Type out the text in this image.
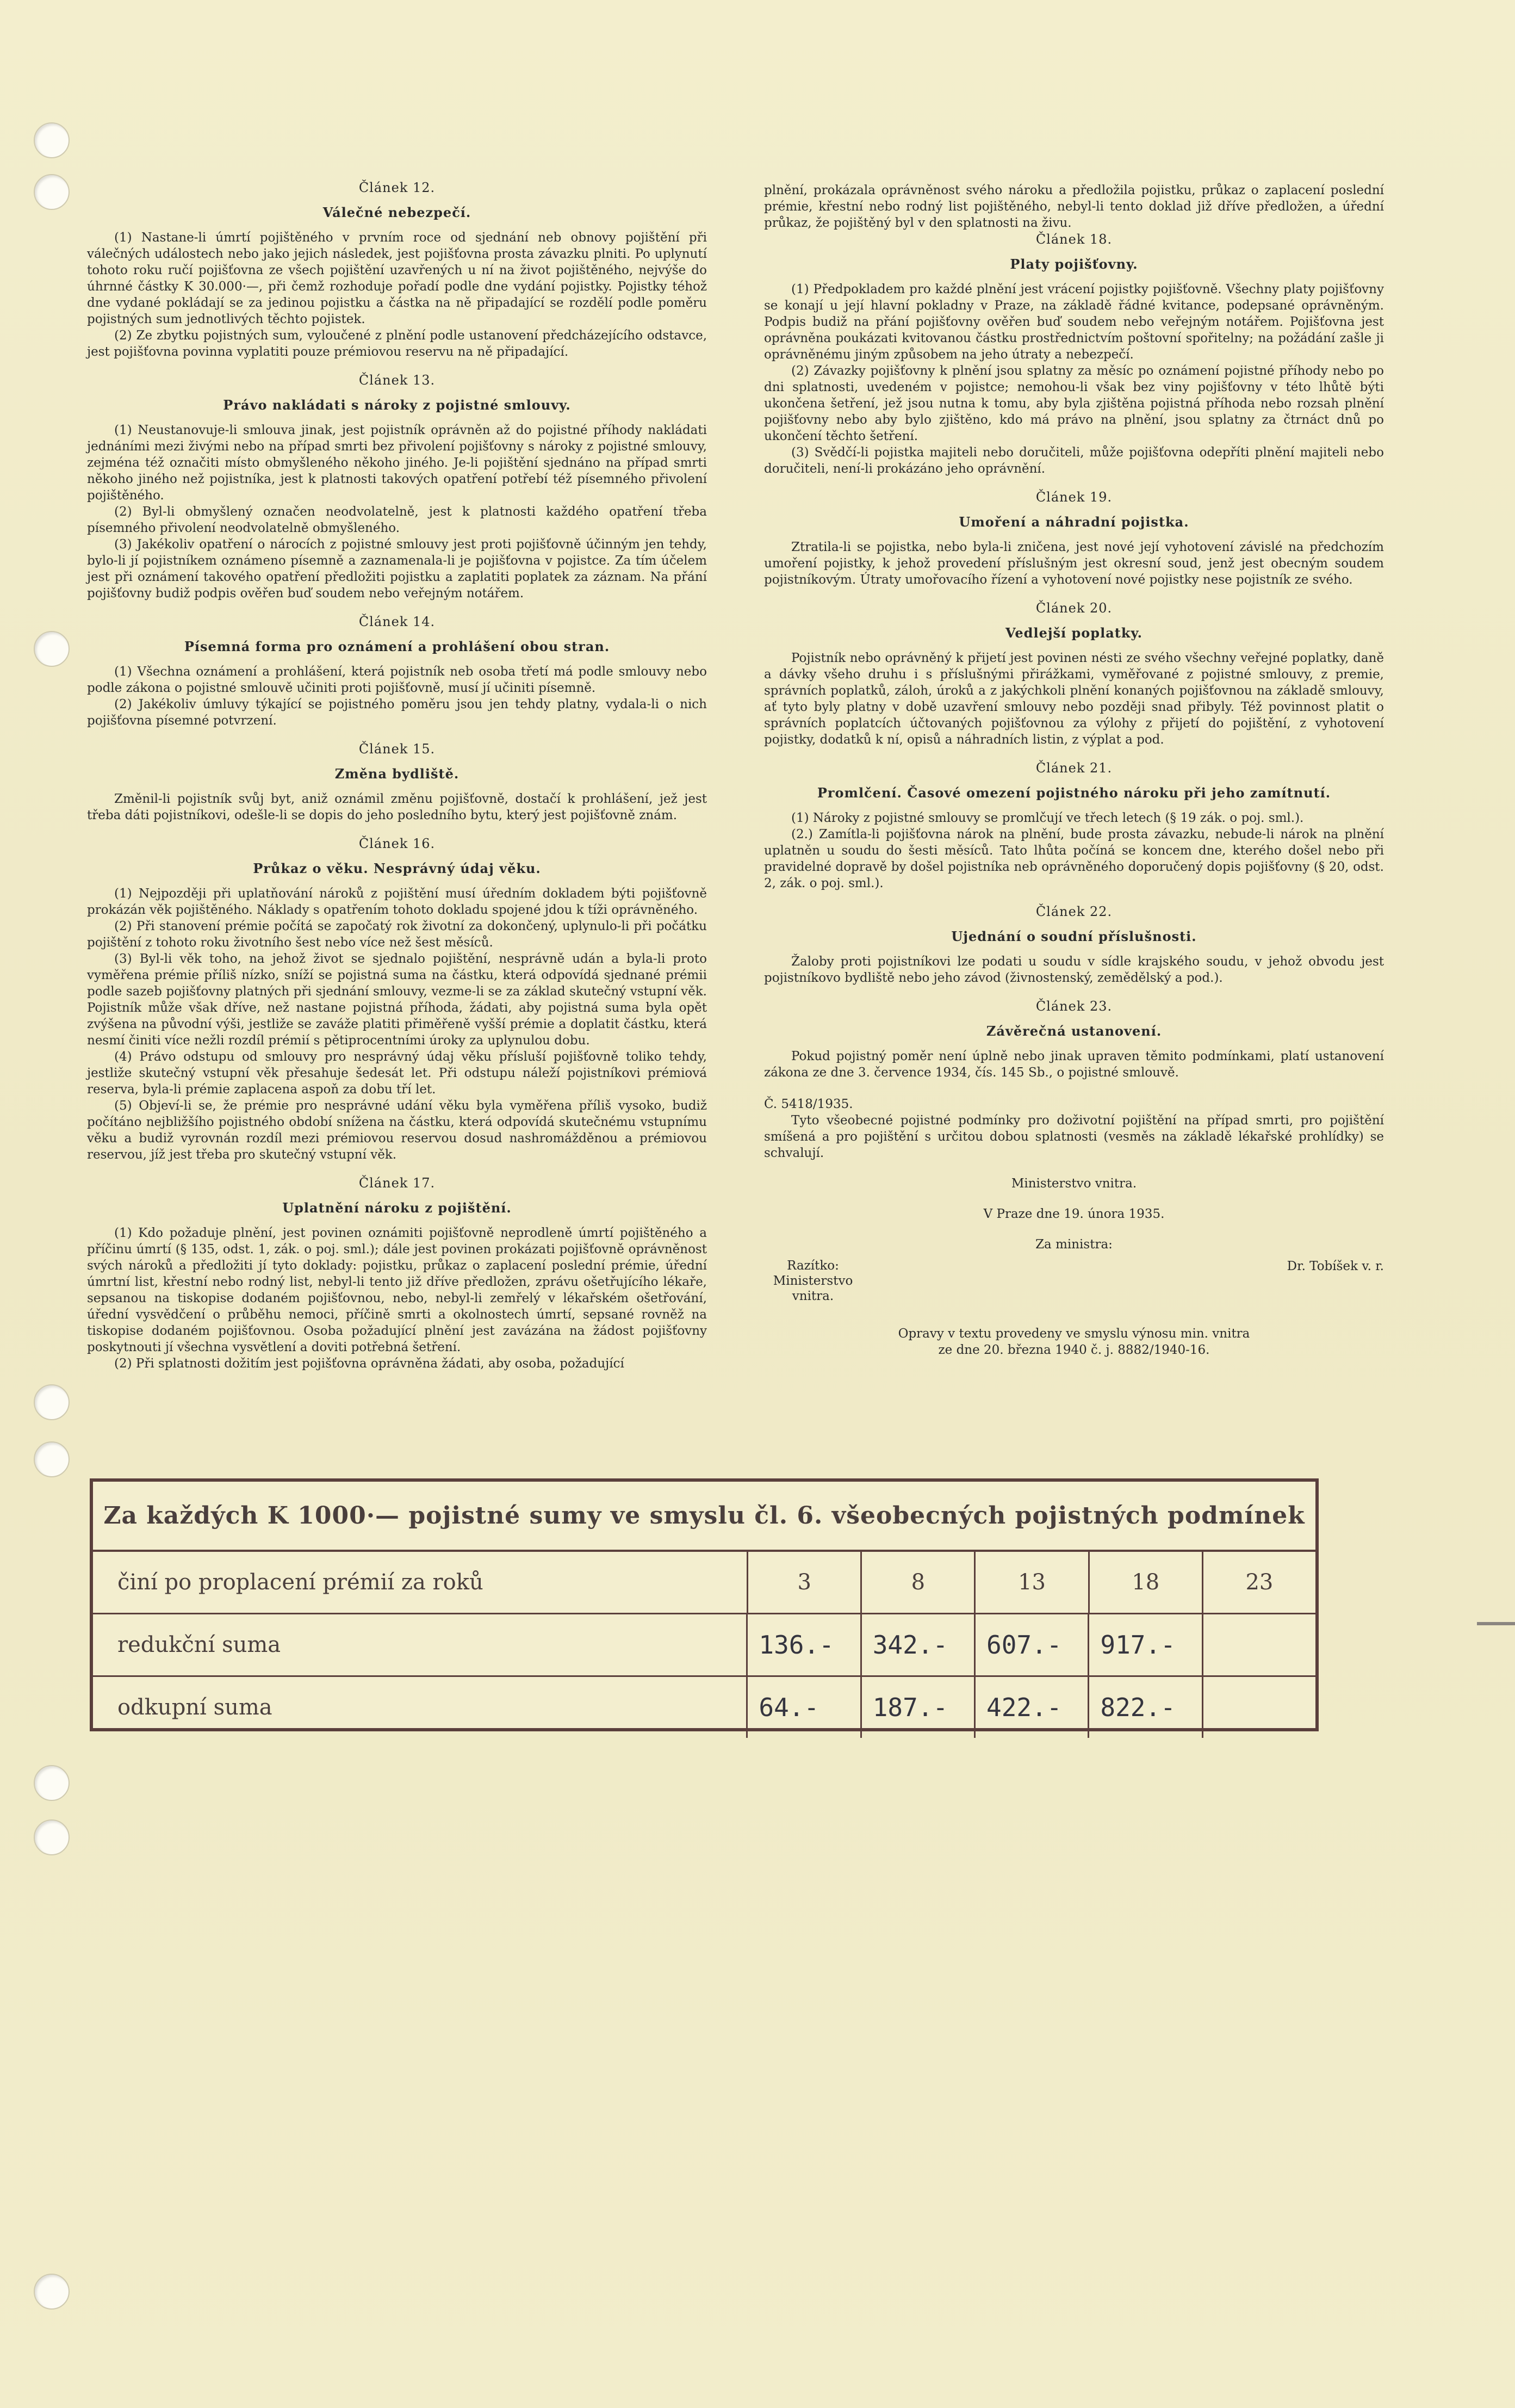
Článek 12.
Válečné nebezpečí.

(1) Nastane-li úmrtí pojištěného v prvním roce od sjednání neb obnovy pojištění při válečných událostech nebo jako jejich následek, jest pojišťovna prosta závazku plniti. Po uplynutí tohoto roku ručí pojišťovna ze všech pojištění uzavřených u ní na život pojištěného, nejvýše do úhrnné částky K 30.000·—, při čemž rozhoduje pořadí podle dne vydání pojistky. Pojistky téhož dne vydané pokládají se za jedinou pojistku a částka na ně připadající se rozdělí podle poměru pojistných sum jednotlivých těchto pojistek.

(2) Ze zbytku pojistných sum, vyloučené z plnění podle ustanovení předcházejícího odstavce, jest pojišťovna povinna vyplatiti pouze prémiovou reservu na ně připadající.

Článek 13.
Právo nakládati s nároky z pojistné smlouvy.

(1) Neustanovuje-li smlouva jinak, jest pojistník oprávněn až do pojistné příhody nakládati jednáními mezi živými nebo na případ smrti bez přivolení pojišťovny s nároky z pojistné smlouvy, zejména též označiti místo obmyšleného někoho jiného. Je-li pojištění sjednáno na případ smrti někoho jiného než pojistníka, jest k platnosti takových opatření potřebí též písemného přivolení pojištěného.

(2) Byl-li obmyšlený označen neodvolatelně, jest k platnosti každého opatření třeba písemného přivolení neodvolatelně obmyšleného.

(3) Jakékoliv opatření o nárocích z pojistné smlouvy jest proti pojišťovně účinným jen tehdy, bylo-li jí pojistníkem oznámeno písemně a zaznamenala-li je pojišťovna v pojistce. Za tím účelem jest při oznámení takového opatření předložiti pojistku a zaplatiti poplatek za záznam. Na přání pojišťovny budiž podpis ověřen buď soudem nebo veřejným notářem.

Článek 14.
Písemná forma pro oznámení a prohlášení obou stran.

(1) Všechna oznámení a prohlášení, která pojistník neb osoba třetí má podle smlouvy nebo podle zákona o pojistné smlouvě učiniti proti pojišťovně, musí jí učiniti písemně.

(2) Jakékoliv úmluvy týkající se pojistného poměru jsou jen tehdy platny, vydala-li o nich pojišťovna písemné potvrzení.

Článek 15.
Změna bydliště.

Změnil-li pojistník svůj byt, aniž oznámil změnu pojišťovně, dostačí k prohlášení, jež jest třeba dáti pojistníkovi, odešle-li se dopis do jeho posledního bytu, který jest pojišťovně znám.

Článek 16.
Průkaz o věku. Nesprávný údaj věku.

(1) Nejpozději při uplatňování nároků z pojištění musí úředním dokladem býti pojišťovně prokázán věk pojištěného. Náklady s opatřením tohoto dokladu spojené jdou k tíži oprávněného.

(2) Při stanovení prémie počítá se započatý rok životní za dokončený, uplynulo-li při počátku pojištění z tohoto roku životního šest nebo více než šest měsíců.

(3) Byl-li věk toho, na jehož život se sjednalo pojištění, nesprávně udán a byla-li proto vyměřena prémie příliš nízko, sníží se pojistná suma na částku, která odpovídá sjednané prémii podle sazeb pojišťovny platných při sjednání smlouvy, vezme-li se za základ skutečný vstupní věk. Pojistník může však dříve, než nastane pojistná příhoda, žádati, aby pojistná suma byla opět zvýšena na původní výši, jestliže se zaváže platiti přiměřeně vyšší prémie a doplatit částku, která nesmí činiti více nežli rozdíl prémií s pětiprocentními úroky za uplynulou dobu.

(4) Právo odstupu od smlouvy pro nesprávný údaj věku přísluší pojišťovně toliko tehdy, jestliže skutečný vstupní věk přesahuje šedesát let. Při odstupu náleží pojistníkovi prémiová reserva, byla-li prémie zaplacena aspoň za dobu tří let.

(5) Objeví-li se, že prémie pro nesprávné udání věku byla vyměřena příliš vysoko, budiž počítáno nejbližšího pojistného období snížena na částku, která odpovídá skutečnému vstupnímu věku a budiž vyrovnán rozdíl mezi prémiovou reservou dosud nashromážděnou a prémiovou reservou, jíž jest třeba pro skutečný vstupní věk.

Článek 17.
Uplatnění nároku z pojištění.

(1) Kdo požaduje plnění, jest povinen oznámiti pojišťovně neprodleně úmrtí pojištěného a příčinu úmrtí (§ 135, odst. 1, zák. o poj. sml.); dále jest povinen prokázati pojišťovně oprávněnost svých nároků a předložiti jí tyto doklady: pojistku, průkaz o zaplacení poslední prémie, úřední úmrtní list, křestní nebo rodný list, nebyl-li tento již dříve předložen, zprávu ošetřujícího lékaře, sepsanou na tiskopise dodaném pojišťovnou, nebo, nebyl-li zemřelý v lékařském ošetřování, úřední vysvědčení o průběhu nemoci, příčině smrti a okolnostech úmrtí, sepsané rovněž na tiskopise dodaném pojišťovnou. Osoba požadující plnění jest zavázána na žádost pojišťovny poskytnouti jí všechna vysvětlení a doviti potřebná šetření.

(2) Při splatnosti dožitím jest pojišťovna oprávněna žádati, aby osoba, požadující

plnění, prokázala oprávněnost svého nároku a předložila pojistku, průkaz o zaplacení poslední prémie, křestní nebo rodný list pojištěného, nebyl-li tento doklad již dříve předložen, a úřední průkaz, že pojištěný byl v den splatnosti na živu.

Článek 18.
Platy pojišťovny.

(1) Předpokladem pro každé plnění jest vrácení pojistky pojišťovně. Všechny platy pojišťovny se konají u její hlavní pokladny v Praze, na základě řádné kvitance, podepsané oprávněným. Podpis budiž na přání pojišťovny ověřen buď soudem nebo veřejným notářem. Pojišťovna jest oprávněna poukázati kvitovanou částku prostřednictvím poštovní spořitelny; na požádání zašle ji oprávněnému jiným způsobem na jeho útraty a nebezpečí.

(2) Závazky pojišťovny k plnění jsou splatny za měsíc po oznámení pojistné příhody nebo po dni splatnosti, uvedeném v pojistce; nemohou-li však bez viny pojišťovny v této lhůtě býti ukončena šetření, jež jsou nutna k tomu, aby byla zjištěna pojistná příhoda nebo rozsah plnění pojišťovny nebo aby bylo zjištěno, kdo má právo na plnění, jsou splatny za čtrnáct dnů po ukončení těchto šetření.

(3) Svědčí-li pojistka majiteli nebo doručiteli, může pojišťovna odepříti plnění majiteli nebo doručiteli, není-li prokázáno jeho oprávnění.

Článek 19.
Umoření a náhradní pojistka.

Ztratila-li se pojistka, nebo byla-li zničena, jest nové její vyhotovení závislé na předchozím umoření pojistky, k jehož provedení příslušným jest okresní soud, jenž jest obecným soudem pojistníkovým. Útraty umořovacího řízení a vyhotovení nové pojistky nese pojistník ze svého.

Článek 20.
Vedlejší poplatky.

Pojistník nebo oprávněný k přijetí jest povinen nésti ze svého všechny veřejné poplatky, daně a dávky všeho druhu i s příslušnými přirážkami, vyměřované z pojistné smlouvy, z premie, správních poplatků, záloh, úroků a z jakýchkoli plnění konaných pojišťovnou na základě smlouvy, ať tyto byly platny v době uzavření smlouvy nebo později snad přibyly. Též povinnost platit o správních poplatcích účtovaných pojišťovnou za výlohy z přijetí do pojištění, z vyhotovení pojistky, dodatků k ní, opisů a náhradních listin, z výplat a pod.

Článek 21.
Promlčení. Časové omezení pojistného nároku při jeho zamítnutí.

(1) Nároky z pojistné smlouvy se promlčují ve třech letech (§ 19 zák. o poj. sml.).

(2.) Zamítla-li pojišťovna nárok na plnění, bude prosta závazku, nebude-li nárok na plnění uplatněn u soudu do šesti měsíců. Tato lhůta počíná se koncem dne, kterého došel nebo při pravidelné dopravě by došel pojistníka neb oprávněného doporučený dopis pojišťovny (§ 20, odst. 2, zák. o poj. sml.).

Článek 22.
Ujednání o soudní příslušnosti.

Žaloby proti pojistníkovi lze podati u soudu v sídle krajského soudu, v jehož obvodu jest pojistníkovo bydliště nebo jeho závod (živnostenský, zemědělský a pod.).

Článek 23.
Závěrečná ustanovení.

Pokud pojistný poměr není úplně nebo jinak upraven těmito podmínkami, platí ustanovení zákona ze dne 3. července 1934, čís. 145 Sb., o pojistné smlouvě.

Č. 5418/1935.

Tyto všeobecné pojistné podmínky pro doživotní pojištění na případ smrti, pro pojištění smíšená a pro pojištění s určitou dobou splatnosti (vesměs na základě lékařské prohlídky) se schvalují.

Ministerstvo vnitra.
V Praze dne 19. února 1935.
Za ministra:
Razítko:
Ministerstvo
vnitra.
Dr. Tobíšek v. r.
Opravy v textu provedeny ve smyslu výnosu min. vnitra
ze dne 20. března 1940 č. j. 8882/1940-16.
Za každých K 1000·— pojistné sumy ve smyslu čl. 6. všeobecných pojistných podmínek
činí po proplacení prémií za roků	3	8	13	18	23
redukční suma	136.-	342.-	607.-	917.-
odkupní suma	64.-	187.-	422.-	822.-
